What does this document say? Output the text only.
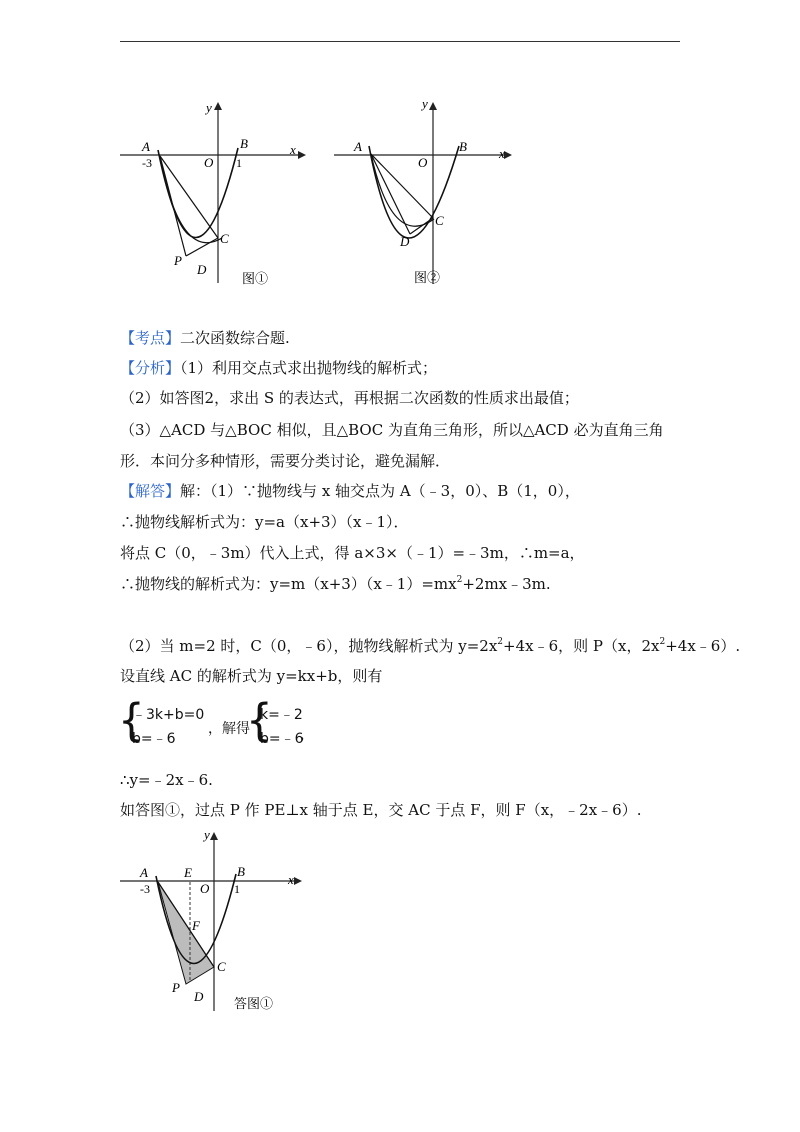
y
x
A	B
O
-3	1
C
P
D
图①
y
x
A	B
O
C
D
图②
【考点】二次函数综合题.
【分析】（1）利用交点式求出抛物线的解析式；
（2）如答图2，求出 S 的表达式，再根据二次函数的性质求出最值；
（3）△ACD 与△BOC 相似，且△BOC 为直角三角形，所以△ACD 必为直角三角
形．本问分多种情形，需要分类讨论，避免漏解．
【解答】解：（1）∵抛物线与 x 轴交点为 A（﹣3，0）、B（1，0），
∴抛物线解析式为：y=a（x+3）（x﹣1）．
将点 C（0，﹣3m）代入上式，得 a×3×（﹣1）=﹣3m，∴m=a，
∴抛物线的解析式为：$y=m(x+3)(x﹣1)=mx^2+2mx﹣3m$.
（2）当 m=2 时，C（0，﹣6），抛物线解析式为 $y=2x^2+4x﹣6$，则 P（x，$2x^2+4x﹣6$）.
设直线 AC 的解析式为 y=kx+b，则有
{
﹣3k+b=0
b=﹣6
，解得
{
k=﹣2
b=﹣6
，
∴y=﹣2x﹣6.
如答图①，过点 P 作 PE⊥x 轴于点 E，交 AC 于点 F，则 F（x，﹣2x﹣6）.
y
x
A	E	B
O
-3	1
F
C
P
D 答图①
